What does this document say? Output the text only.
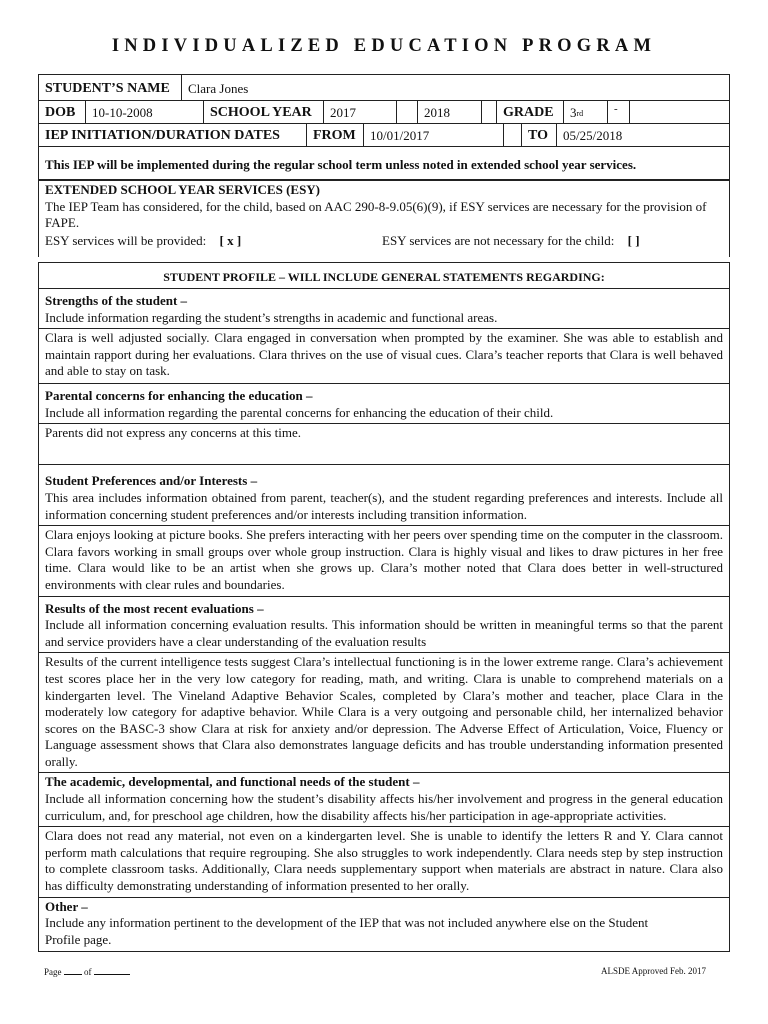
INDIVIDUALIZED EDUCATION PROGRAM
STUDENT’S NAME	Clara Jones
DOB	10-10-2008	SCHOOL YEAR	2017	2018	GRADE	3 rd	-
IEP INITIATION/DURATION DATES	FROM	10/01/2017	TO	05/25/2018
This IEP will be implemented during the regular school term unless noted in extended school year services.
EXTENDED SCHOOL YEAR SERVICES (ESY)
The IEP Team has considered, for the child, based on AAC 290-8-9.05(6)(9), if ESY services are necessary for the provision of FAPE.
ESY services will be provided: [ x ]	ESY services are not necessary for the child: [ ]
STUDENT PROFILE – WILL INCLUDE GENERAL STATEMENTS REGARDING:
Strengths of the student –
Include information regarding the student’s strengths in academic and functional areas.
Clara is well adjusted socially. Clara engaged in conversation when prompted by the examiner. She was able to establish and maintain rapport during her evaluations. Clara thrives on the use of visual cues. Clara’s teacher reports that Clara is well behaved and able to stay on task.
Parental concerns for enhancing the education –
Include all information regarding the parental concerns for enhancing the education of their child.
Parents did not express any concerns at this time.
Student Preferences and/or Interests –
This area includes information obtained from parent, teacher(s), and the student regarding preferences and interests. Include all information concerning student preferences and/or interests including transition information.
Clara enjoys looking at picture books. She prefers interacting with her peers over spending time on the computer in the classroom. Clara favors working in small groups over whole group instruction. Clara is highly visual and likes to draw pictures in her free time. Clara would like to be an artist when she grows up. Clara’s mother noted that Clara does better in well-structured environments with clear rules and boundaries.
Results of the most recent evaluations –
Include all information concerning evaluation results. This information should be written in meaningful terms so that the parent and service providers have a clear understanding of the evaluation results
Results of the current intelligence tests suggest Clara’s intellectual functioning is in the lower extreme range. Clara’s achievement test scores place her in the very low category for reading, math, and writing. Clara is unable to comprehend materials on a kindergarten level. The Vineland Adaptive Behavior Scales, completed by Clara’s mother and teacher, place Clara in the moderately low category for adaptive behavior. While Clara is a very outgoing and personable child, her internalized behavior scores on the BASC-3 show Clara at risk for anxiety and/or depression. The Adverse Effect of Articulation, Voice, Fluency or Language assessment shows that Clara also demonstrates language deficits and has trouble understanding information presented orally.
The academic, developmental, and functional needs of the student –
Include all information concerning how the student’s disability affects his/her involvement and progress in the general education curriculum, and, for preschool age children, how the disability affects his/her participation in age-appropriate activities.
Clara does not read any material, not even on a kindergarten level. She is unable to identify the letters R and Y. Clara cannot perform math calculations that require regrouping. She also struggles to work independently. Clara needs step by step instruction to complete classroom tasks. Additionally, Clara needs supplementary support when materials are abstract in nature. Clara also has difficulty demonstrating understanding of information presented to her orally.
Other –
Include any information pertinent to the development of the IEP that was not included anywhere else on the Student Profile page.
Page	of	ALSDE Approved Feb. 2017
